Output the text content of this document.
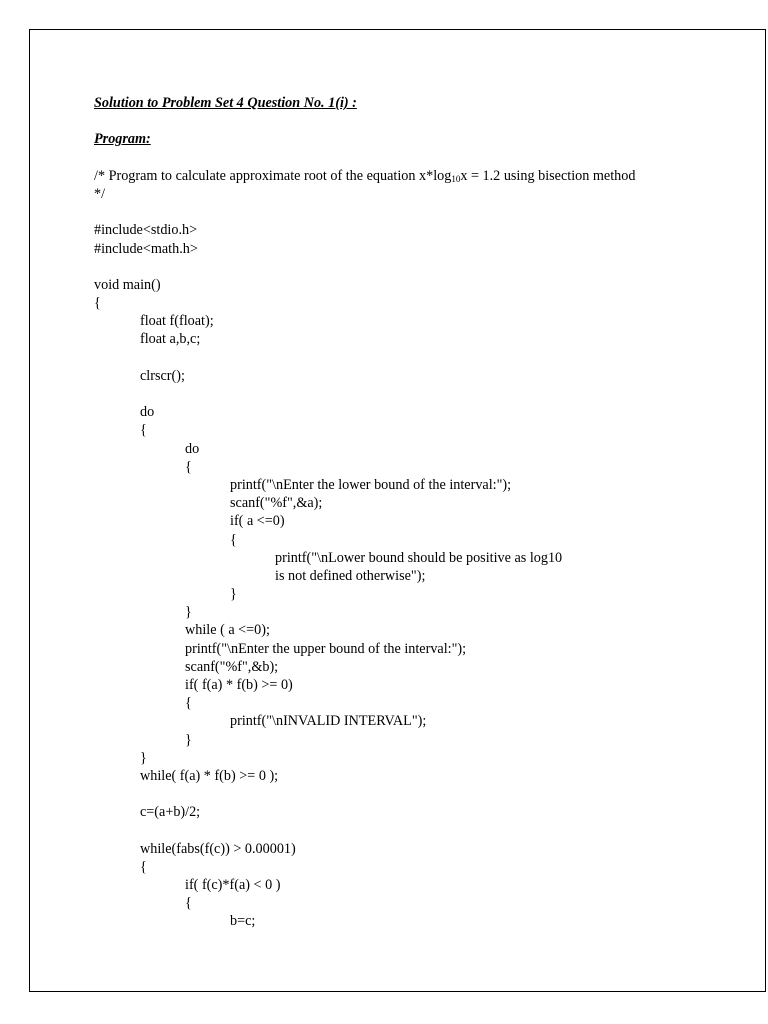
Solution to Problem Set 4 Question No. 1(i) :
Program:
/* Program to calculate approximate root of the equation $x*\log_{10}x = 1.2$ using bisection method
*/
#include<stdio.h>
#include<math.h>
void main()
{
float f(float);
float a,b,c;
clrscr();
do
{
do
{
printf("\nEnter the lower bound of the interval:");
scanf("%f",&a);
if( a <=0)
{
printf("\nLower bound should be positive as log10
is not defined otherwise");
}
}
while ( a <=0);
printf("\nEnter the upper bound of the interval:");
scanf("%f",&b);
if( f(a) * f(b) >= 0)
{
printf("\nINVALID INTERVAL");
}
}
while( f(a) * f(b) >= 0 );
c=(a+b)/2;
while(fabs(f(c)) > 0.00001)
{
if( f(c)*f(a) < 0 )
{
b=c;
